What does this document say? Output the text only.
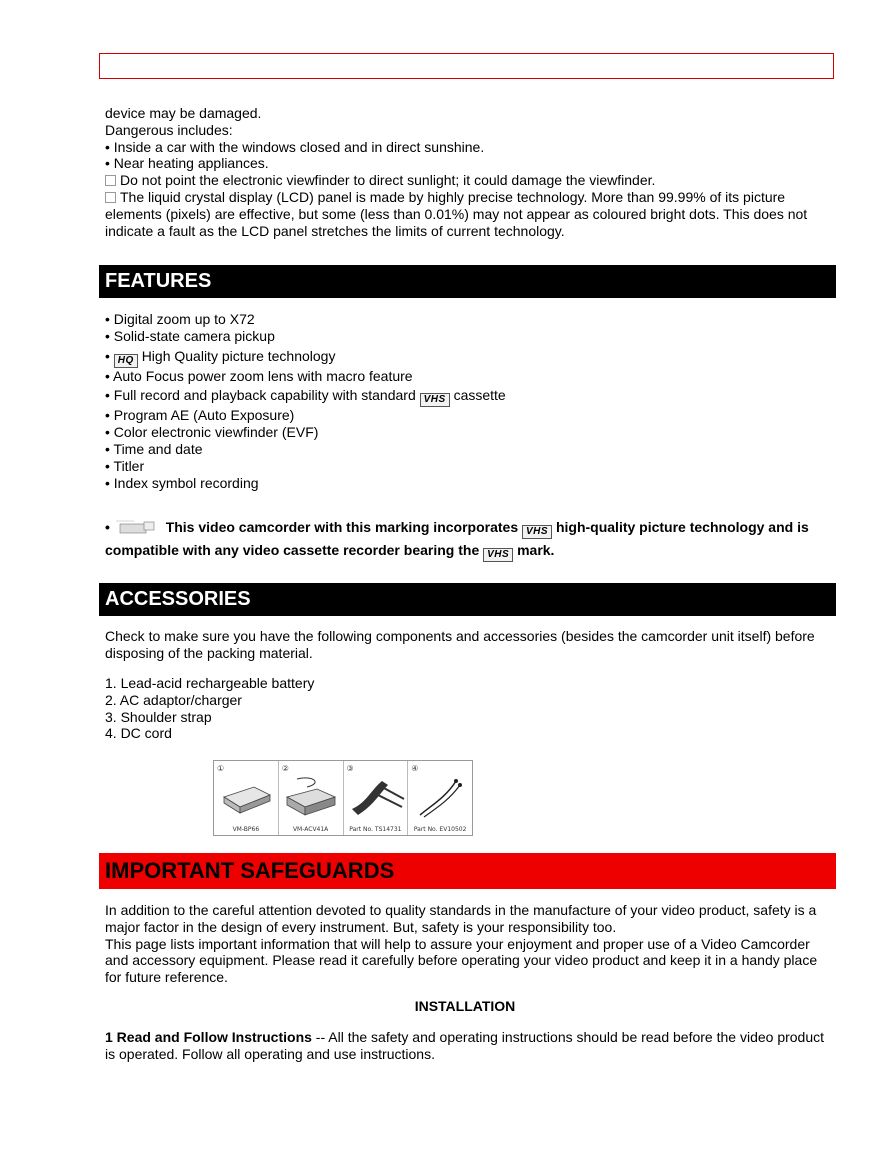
device may be damaged.

Dangerous includes:

• Inside a car with the windows closed and in direct sunshine.

• Near heating appliances.

Do not point the electronic viewfinder to direct sunlight; it could damage the viewfinder.

The liquid crystal display (LCD) panel is made by highly precise technology. More than 99.99% of its picture elements (pixels) are effective, but some (less than 0.01%) may not appear as coloured bright dots. This does not indicate a fault as the LCD panel stretches the limits of current technology.

FEATURES

• Digital zoom up to X72

• Solid-state camera pickup

• HQ High Quality picture technology

• Auto Focus power zoom lens with macro feature

• Full record and playback capability with standard VHS cassette

• Program AE (Auto Exposure)

• Color electronic viewfinder (EVF)

• Time and date

• Titler

• Index symbol recording

•	This video camcorder with this marking incorporates VHS high-quality picture technology and is compatible with any video cassette recorder bearing the VHS mark.
ACCESSORIES
Check to make sure you have the following components and accessories (besides the camcorder unit itself) before disposing of the packing material.

1. Lead-acid rechargeable battery

2. AC adaptor/charger

3. Shoulder strap

4. DC cord

①
VM-BP66
②
VM-ACV41A
③
Part No. TS14731
④
Part No. EV10502
IMPORTANT SAFEGUARDS

In addition to the careful attention devoted to quality standards in the manufacture of your video product, safety is a major factor in the design of every instrument. But, safety is your responsibility too.

This page lists important information that will help to assure your enjoyment and proper use of a Video Camcorder and accessory equipment. Please read it carefully before operating your video product and keep it in a handy place for future reference.

INSTALLATION
1 Read and Follow Instructions -- All the safety and operating instructions should be read before the video product is operated. Follow all operating and use instructions.
